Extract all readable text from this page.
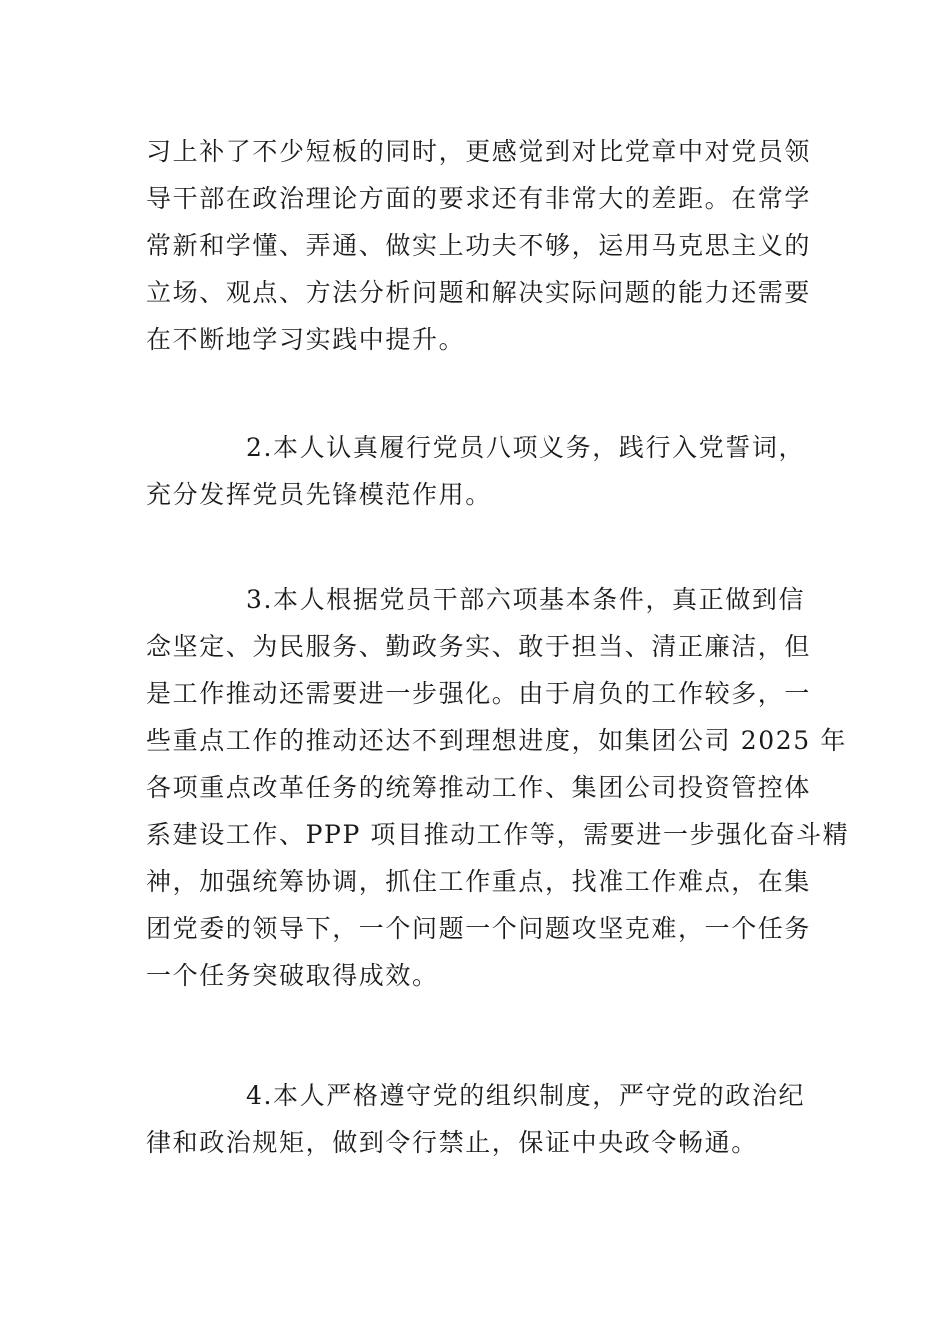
习上补了不少短板的同时，更感觉到对比党章中对党员领
导干部在政治理论方面的要求还有非常大的差距。在常学
常新和学懂、弄通、做实上功夫不够，运用马克思主义的
立场、观点、方法分析问题和解决实际问题的能力还需要
在不断地学习实践中提升。
2.本人认真履行党员八项义务，践行入党誓词，
充分发挥党员先锋模范作用。
3.本人根据党员干部六项基本条件，真正做到信
念坚定、为民服务、勤政务实、敢于担当、清正廉洁，但
是工作推动还需要进一步强化。由于肩负的工作较多，一
些重点工作的推动还达不到理想进度，如集团公司 2025 年
各项重点改革任务的统筹推动工作、集团公司投资管控体
系建设工作、PPP 项目推动工作等，需要进一步强化奋斗精
神，加强统筹协调，抓住工作重点，找准工作难点，在集
团党委的领导下，一个问题一个问题攻坚克难，一个任务
一个任务突破取得成效。
4.本人严格遵守党的组织制度，严守党的政治纪
律和政治规矩，做到令行禁止，保证中央政令畅通。
